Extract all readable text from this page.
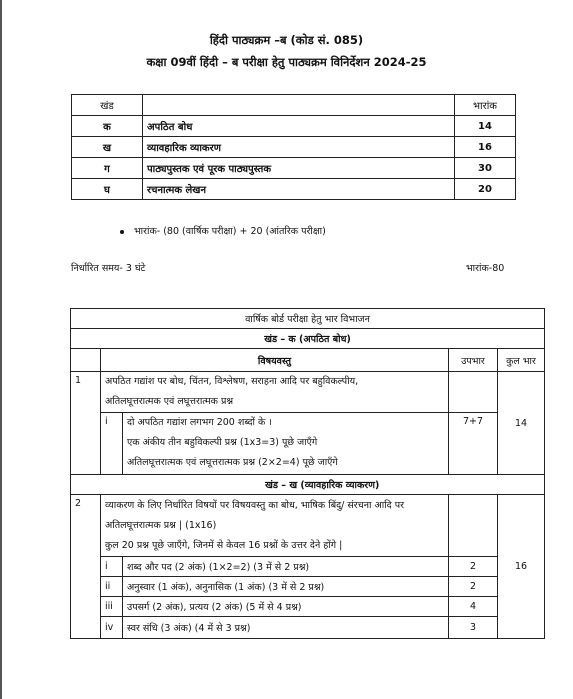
हिंदी पाठ्यक्रम –ब (कोड सं. 085)
कक्षा 09वीं हिंदी – ब परीक्षा हेतु पाठ्यक्रम विनिर्देशन 2024-25
खंड		भारांक
क	अपठित बोध	14
ख	व्यावहारिक व्याकरण	16
ग	पाठ्यपुस्तक एवं पूरक पाठ्यपुस्तक	30
घ	रचनात्मक लेखन	20
भारांक- (80 (वार्षिक परीक्षा) + 20 (आंतरिक परीक्षा)
निर्धारित समय- 3 घंटे	भारांक-80
वार्षिक बोर्ड परीक्षा हेतु भार विभाजन				
खंड – क (अपठित बोध)				
	विषयवस्तु		उपभार	कुल भार
1	अपठित गद्यांश पर बोध, चिंतन, विश्लेषण, सराहना आदि पर बहुविकल्पीय,
अतिलघूत्तरात्मक एवं लघूत्तरात्मक प्रश्न			14
	i	दो अपठित गद्यांश लगभग 200 शब्दों के ।
एक अंकीय तीन बहुविकल्पी प्रश्न (1x3=3) पूछे जाएँगे
अतिलघूत्तरात्मक एवं लघूत्तरात्मक प्रश्न (2×2=4) पूछे जाएँगे	7+7	
	खंड – ख (व्यावहारिक व्याकरण)			
2	व्याकरण के लिए निर्धारित विषयों पर विषयवस्तु का बोध, भाषिक बिंदु/ संरचना आदि पर
अतिलघूत्तरात्मक प्रश्न | (1x16)
कुल 20 प्रश्न पूछे जाएँगे, जिनमें से केवल 16 प्रश्नों के उत्तर देने होंगे |			16
	i	शब्द और पद (2 अंक) (1×2=2) (3 में से 2 प्रश्न)	2	
	ii	अनुस्वार (1 अंक), अनुनासिक (1 अंक) (3 में से 2 प्रश्न)	2	
	iii	उपसर्ग (2 अंक), प्रत्यय (2 अंक) (5 में से 4 प्रश्न)	4	
	iv	स्वर संधि (3 अंक) (4 में से 3 प्रश्न)	3	
